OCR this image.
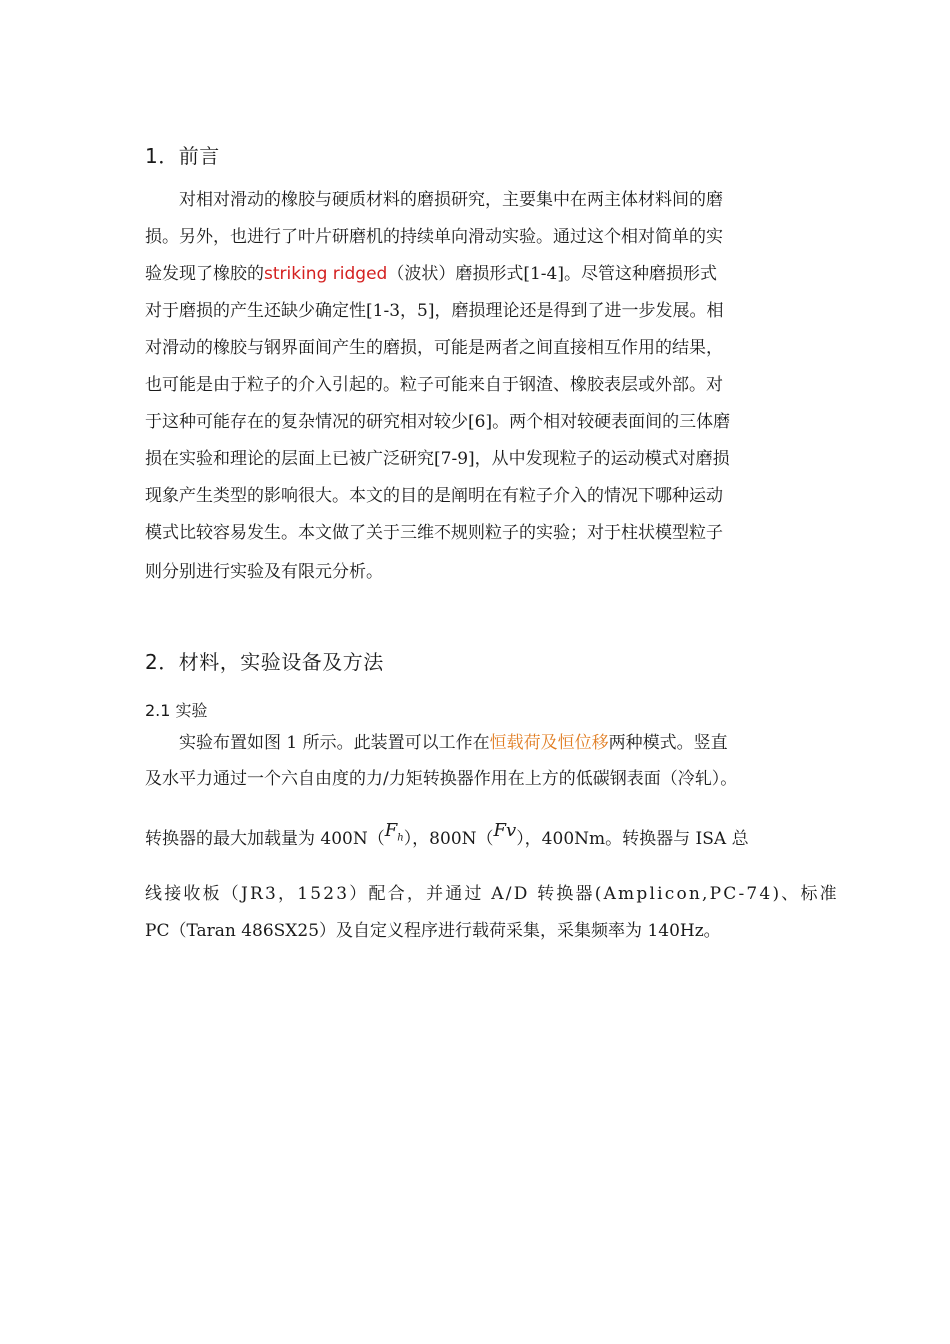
1．前言
对相对滑动的橡胶与硬质材料的磨损研究，主要集中在两主体材料间的磨
损。另外，也进行了叶片研磨机的持续单向滑动实验。通过这个相对简单的实
验发现了橡胶的striking ridged（波状）磨损形式[1-4]。尽管这种磨损形式
对于磨损的产生还缺少确定性[1-3，5]，磨损理论还是得到了进一步发展。相
对滑动的橡胶与钢界面间产生的磨损，可能是两者之间直接相互作用的结果，
也可能是由于粒子的介入引起的。粒子可能来自于钢渣、橡胶表层或外部。对
于这种可能存在的复杂情况的研究相对较少[6]。两个相对较硬表面间的三体磨
损在实验和理论的层面上已被广泛研究[7-9]，从中发现粒子的运动模式对磨损
现象产生类型的影响很大。本文的目的是阐明在有粒子介入的情况下哪种运动
模式比较容易发生。本文做了关于三维不规则粒子的实验；对于柱状模型粒子
则分别进行实验及有限元分析。
2．材料，实验设备及方法
2.1 实验
实验布置如图 1 所示。此装置可以工作在恒载荷及恒位移两种模式。竖直
及水平力通过一个六自由度的力/力矩转换器作用在上方的低碳钢表面（冷轧）。
转换器的最大加载量为 $400N(F_h)$，800N（Fv），400Nm。转换器与 ISA 总
线接收板（JR3，1523）配合，并通过 A/D 转换器(Amplicon,PC-74)、标准
PC（Taran 486SX25）及自定义程序进行载荷采集，采集频率为 140Hz。
